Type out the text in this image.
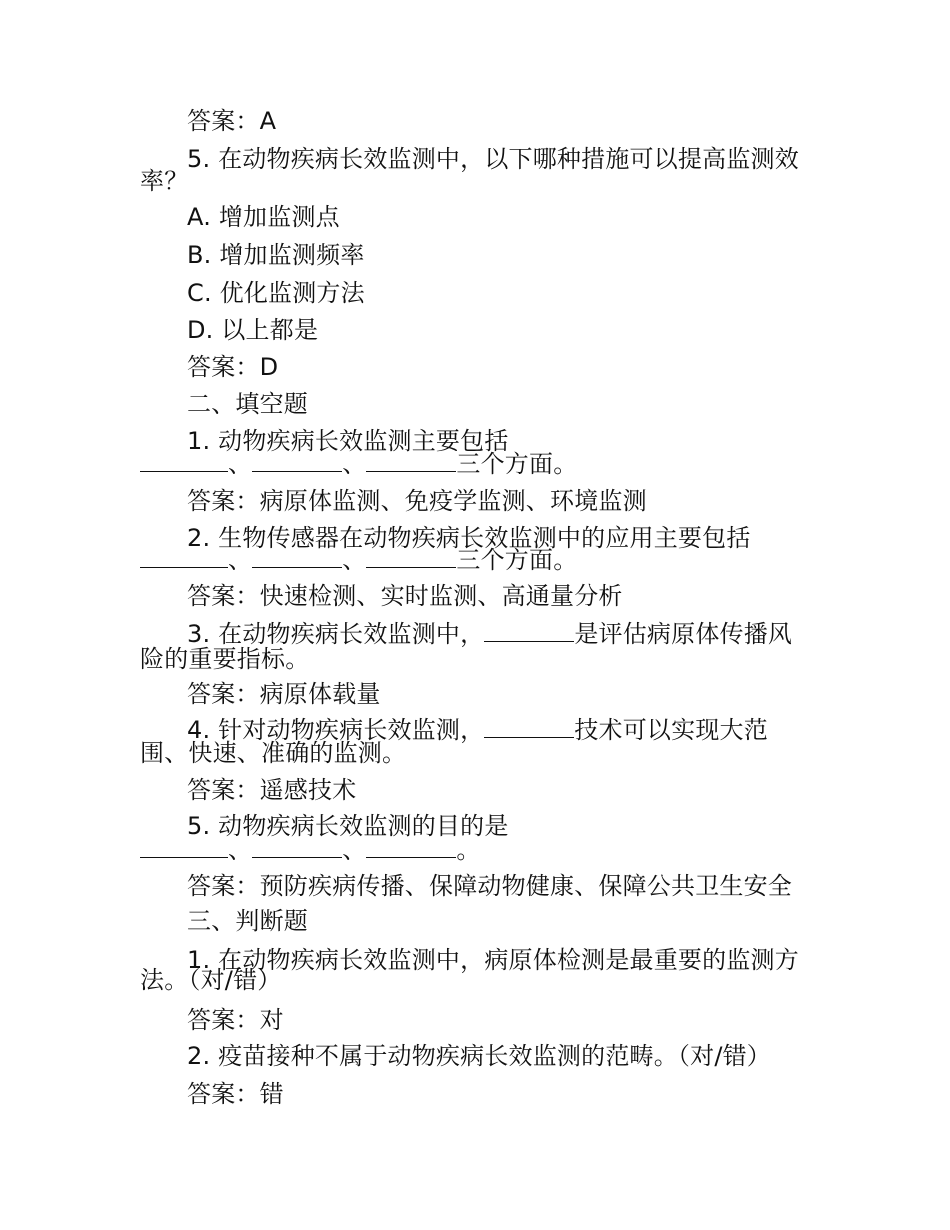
答案：A
5. 在动物疾病长效监测中，以下哪种措施可以提高监测效
率？
A. 增加监测点
B. 增加监测频率
C. 优化监测方法
D. 以上都是
答案：D
二、填空题
1. 动物疾病长效监测主要包括
、	、	三个方面。
答案：病原体监测、免疫学监测、环境监测
2. 生物传感器在动物疾病长效监测中的应用主要包括
、	、	三个方面。
答案：快速检测、实时监测、高通量分析
3. 在动物疾病长效监测中，	是评估病原体传播风
险的重要指标。
答案：病原体载量
4. 针对动物疾病长效监测，	技术可以实现大范
围、快速、准确的监测。
答案：遥感技术
5. 动物疾病长效监测的目的是
、	、	。
答案：预防疾病传播、保障动物健康、保障公共卫生安全
三、判断题
1. 在动物疾病长效监测中，病原体检测是最重要的监测方
法。（对/错）
答案：对
2. 疫苗接种不属于动物疾病长效监测的范畴。（对/错）
答案：错
